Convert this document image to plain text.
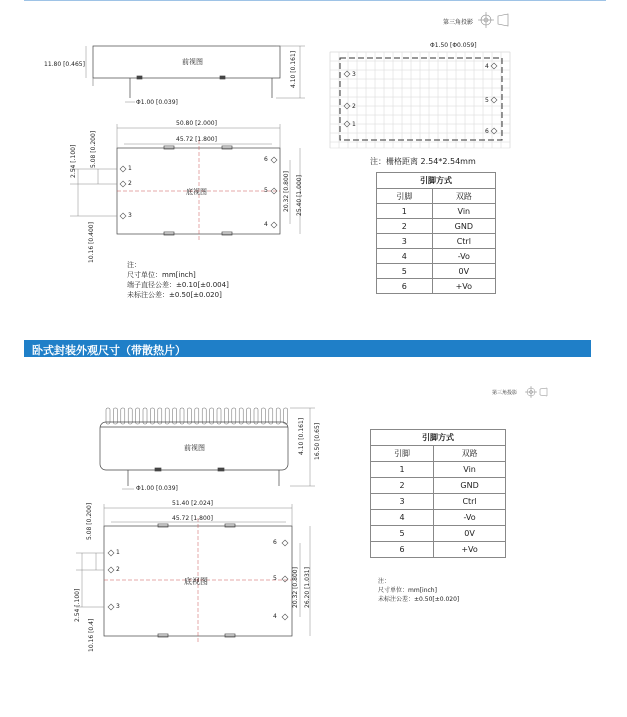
第三角投影
前视图
11.80 [0.465]	4.10 [0.161]
Φ1.00 [0.039]
50.80 [2.000]
45.72 [1.800]
底视图
2.54 [.100] 5.08 [0.200]
10.16 [0.400]
20.32 [0.800] 25.40 [1.000]
1
2
3
4
5
6
Φ1.50 [Φ0.059]
3
2
1
4
5
6
注：栅格距离 2.54*2.54mm
引脚方式	
引脚	双路
1	Vin
2	GND
3	Ctrl
4	-Vo
5	0V
6	+Vo
注：
尺寸单位：mm[inch]
端子直径公差：±0.10[±0.004]
未标注公差：±0.50[±0.020]
卧式封装外观尺寸（带散热片）
第三角投影
前视图	4.10 [0.161] 16.50 [0.65]
Φ1.00 [0.039]
51.40 [2.024]
45.72 [1.800]
底视图
5.08 [0.200]
2.54 [.100]
10.16 [0.4]
20.32 [0.800] 26.20 [1.031]
1
2
3
4
5
6
引脚方式	
引脚	双路
1	Vin
2	GND
3	Ctrl
4	-Vo
5	0V
6	+Vo
注：
尺寸单位：mm[inch]
未标注公差：±0.50[±0.020]
